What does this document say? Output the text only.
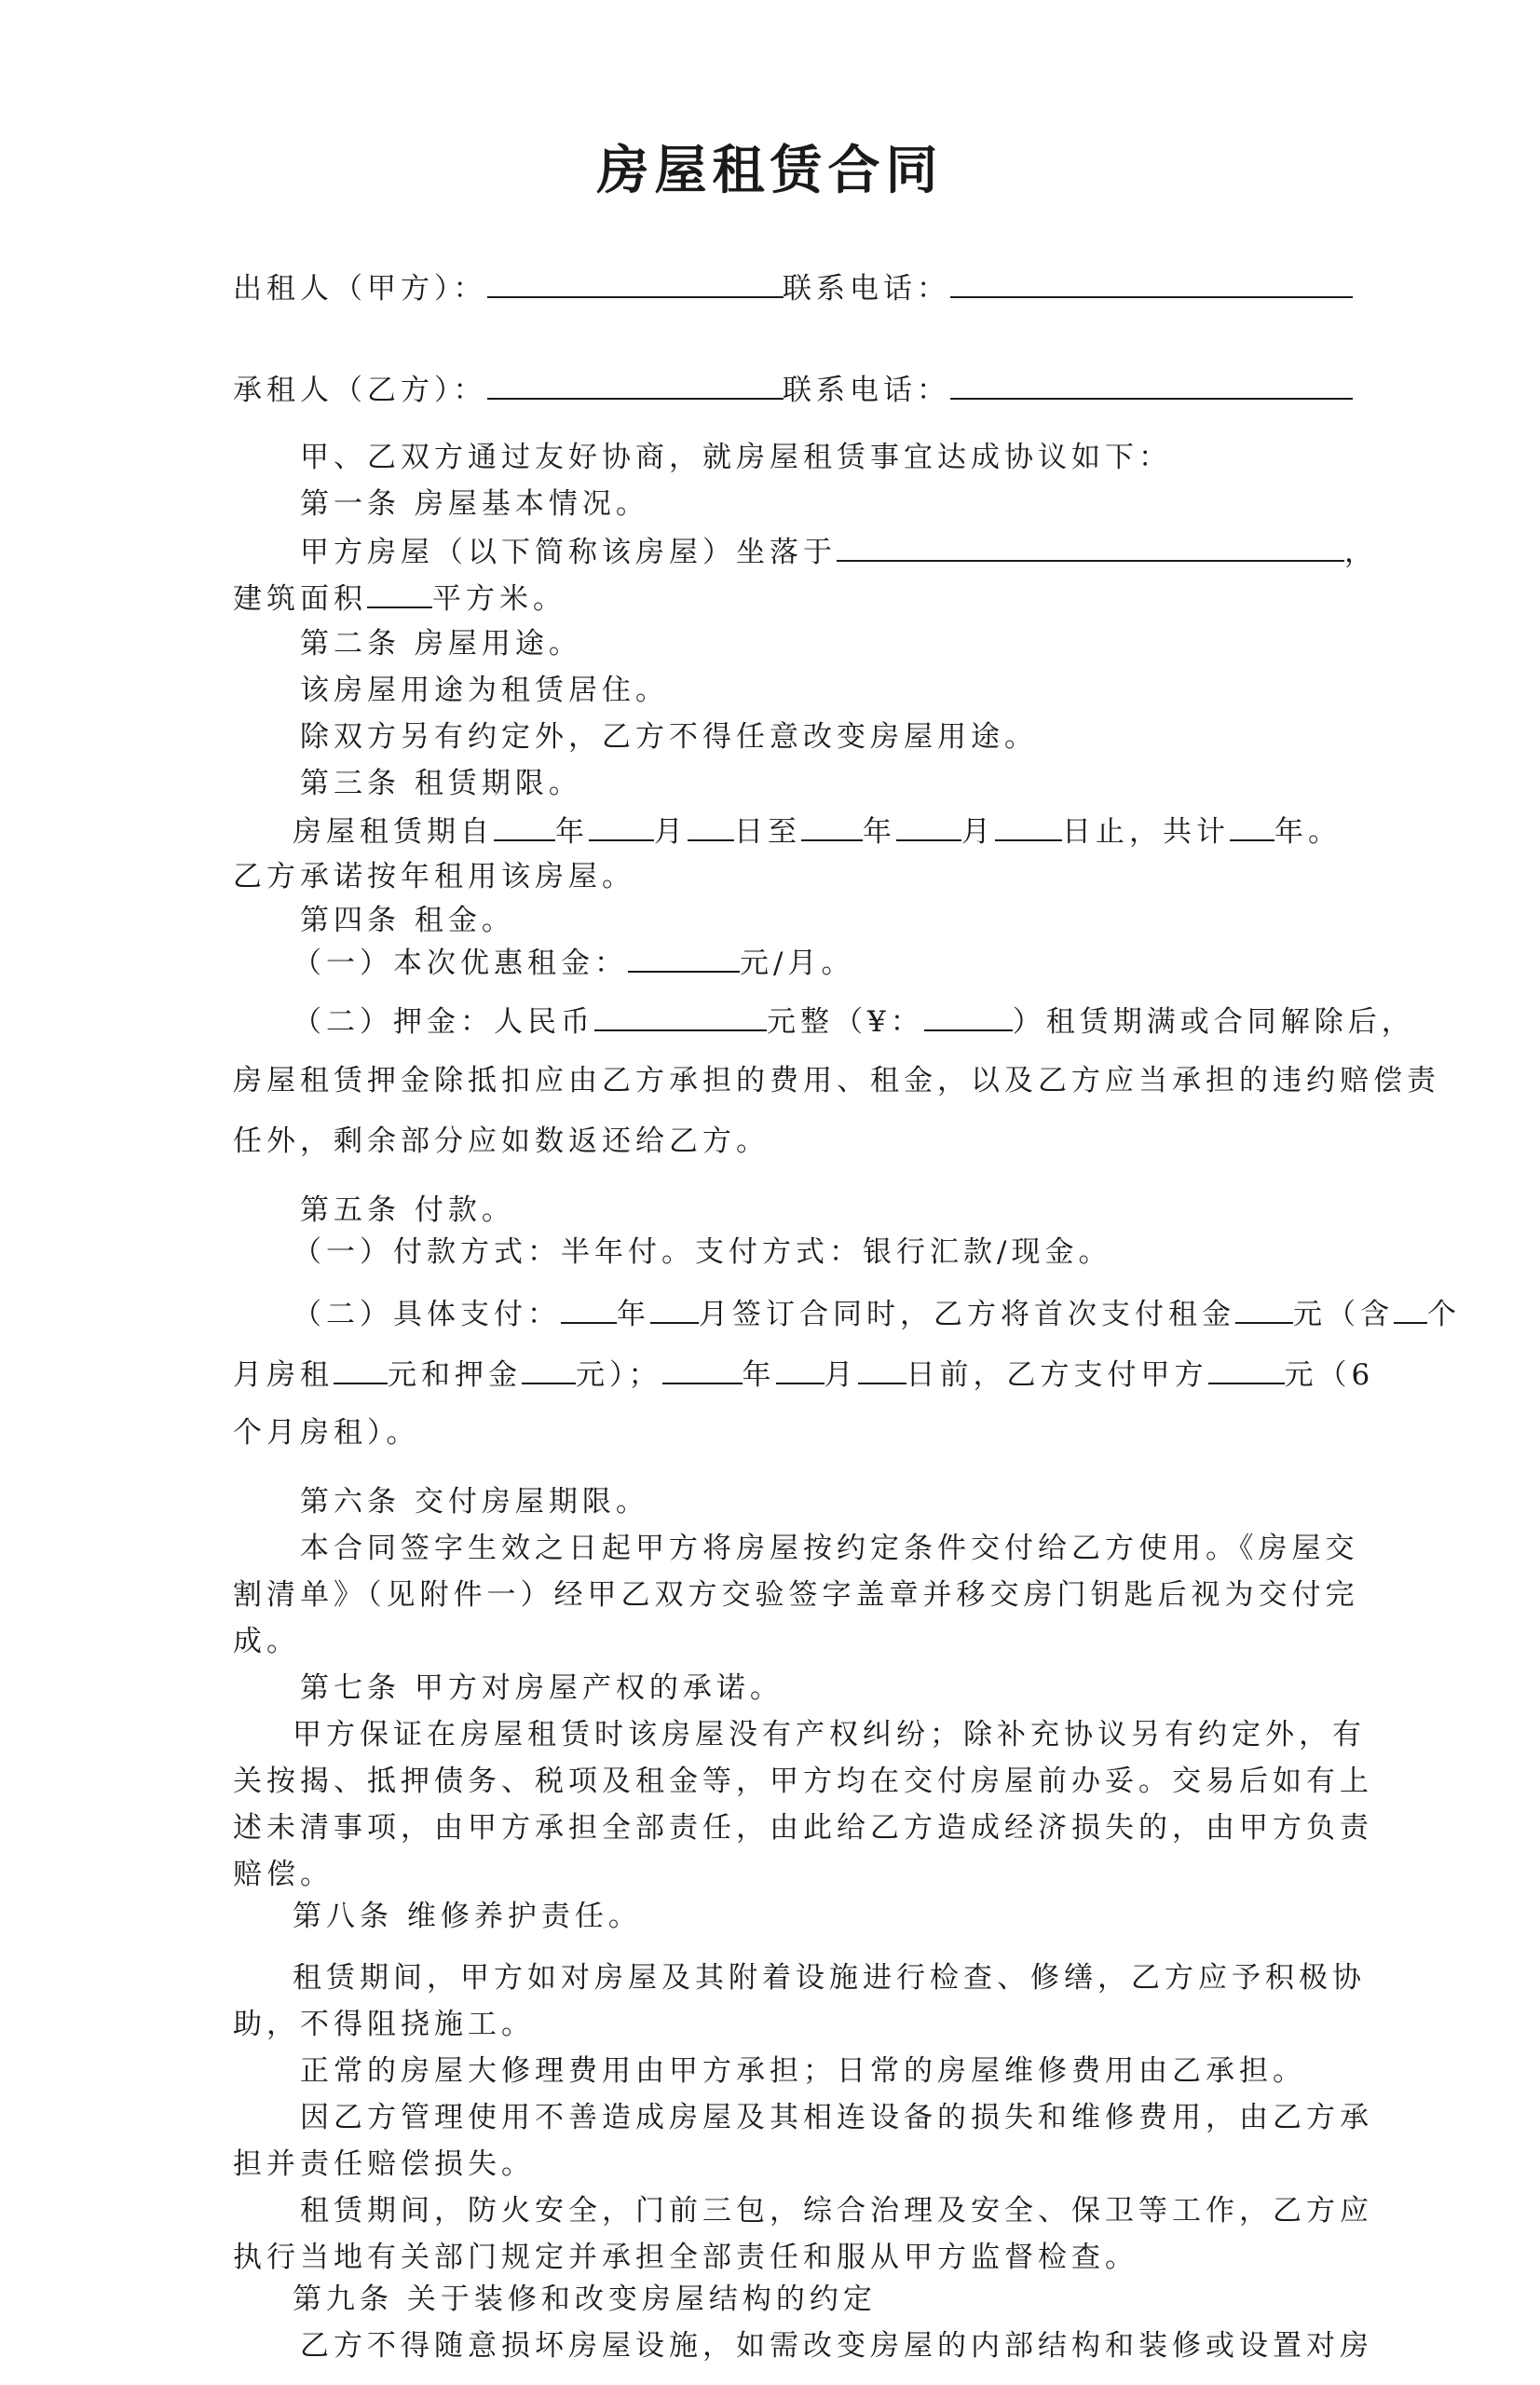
房屋租赁合同
出租人（甲方）：	联系电话：
承租人（乙方）：	联系电话：
甲、乙双方通过友好协商，就房屋租赁事宜达成协议如下：
第一条 房屋基本情况。
甲方房屋（以下简称该房屋）坐落于	，
建筑面积 平方米。
第二条 房屋用途。
该房屋用途为租赁居住。
除双方另有约定外，乙方不得任意改变房屋用途。
第三条 租赁期限。
房屋租赁期自 年 月 日至 年 月 日止，共计 年。
乙方承诺按年租用该房屋。
第四条 租金。
（一）本次优惠租金：	元/月。
（二）押金：人民币	元整（¥：	）租赁期满或合同解除后，
房屋租赁押金除抵扣应由乙方承担的费用、租金，以及乙方应当承担的违约赔偿责
任外，剩余部分应如数返还给乙方。
第五条 付款。
（一）付款方式：半年付。支付方式：银行汇款/现金。
（二）具体支付： 年 月签订合同时，乙方将首次支付租金 元（含 个
月房租 元和押金 元）；	年 月 日前，乙方支付甲方	元（6
个月房租）。
第六条 交付房屋期限。
本合同签字生效之日起甲方将房屋按约定条件交付给乙方使用。《房屋交
割清单》（见附件一）经甲乙双方交验签字盖章并移交房门钥匙后视为交付完
成。
第七条 甲方对房屋产权的承诺。
甲方保证在房屋租赁时该房屋没有产权纠纷；除补充协议另有约定外，有
关按揭、抵押债务、税项及租金等，甲方均在交付房屋前办妥。交易后如有上
述未清事项，由甲方承担全部责任，由此给乙方造成经济损失的，由甲方负责
赔偿。
第八条 维修养护责任。
租赁期间，甲方如对房屋及其附着设施进行检查、修缮，乙方应予积极协
助，不得阻挠施工。
正常的房屋大修理费用由甲方承担；日常的房屋维修费用由乙承担。
因乙方管理使用不善造成房屋及其相连设备的损失和维修费用，由乙方承
担并责任赔偿损失。
租赁期间，防火安全，门前三包，综合治理及安全、保卫等工作，乙方应
执行当地有关部门规定并承担全部责任和服从甲方监督检查。
第九条 关于装修和改变房屋结构的约定
乙方不得随意损坏房屋设施，如需改变房屋的内部结构和装修或设置对房
